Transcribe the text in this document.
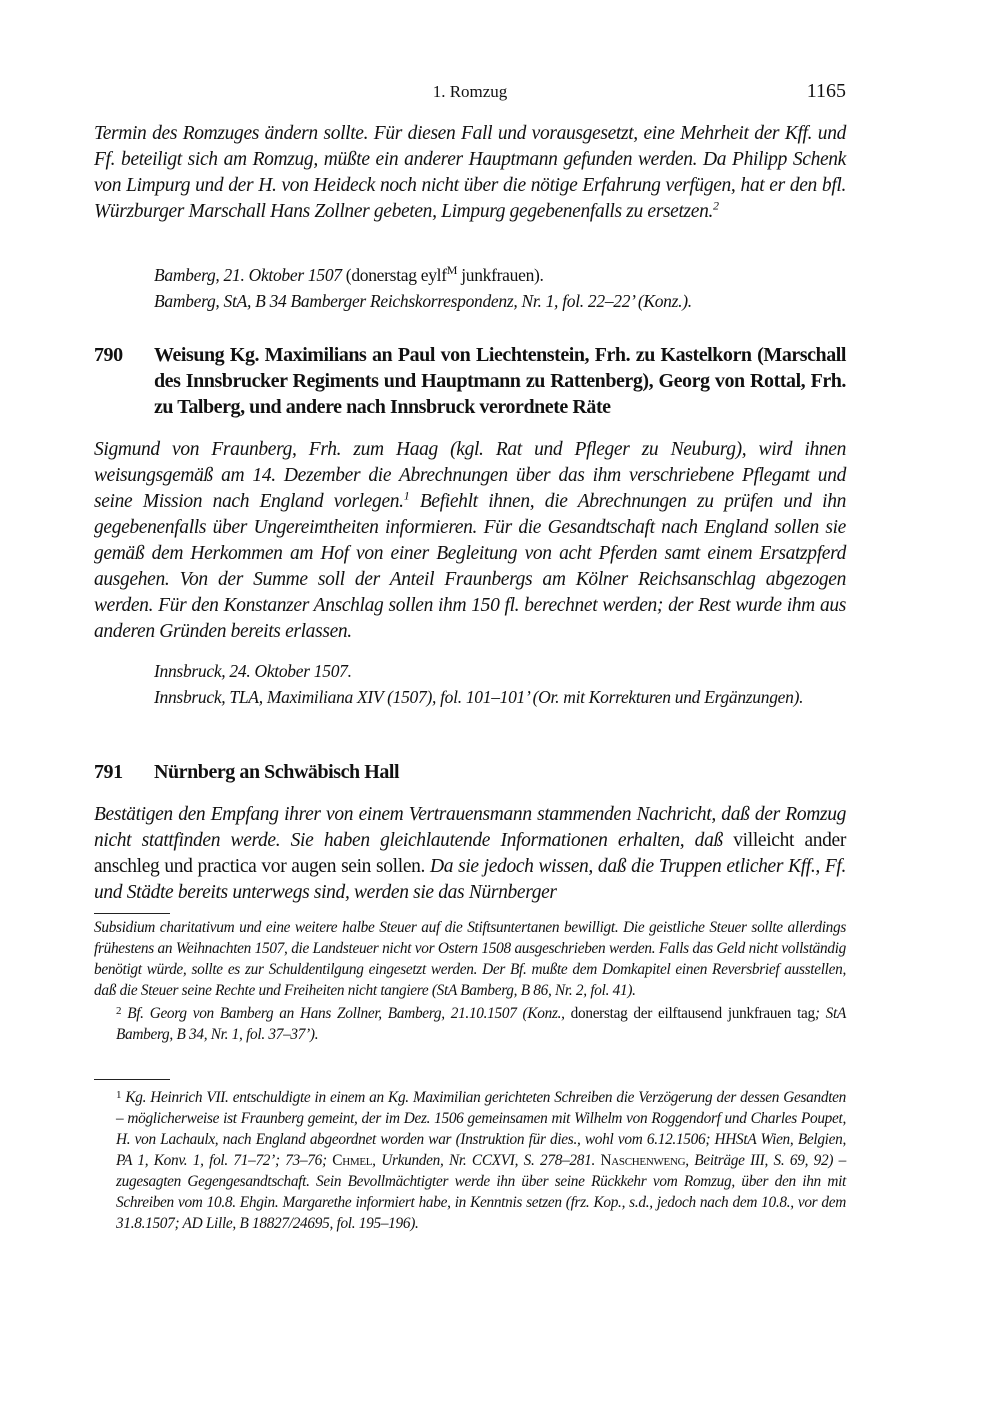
1. Romzug	1165

Termin des Romzuges ändern sollte. Für diesen Fall und vorausgesetzt, eine Mehrheit der Kff. und Ff. beteiligt sich am Romzug, müßte ein anderer Hauptmann gefunden werden. Da Philipp Schenk von Limpurg und der H. von Heideck noch nicht über die nötige Erfahrung verfügen, hat er den bfl. Würzburger Marschall Hans Zollner gebeten, Limpurg gegebenenfalls zu ersetzen.$^2$

Bamberg, 21. Oktober 1507 (donerstag eylf$^M$ junkfrauen).

Bamberg, StA, B 34 Bamberger Reichskorrespondenz, Nr. 1, fol. 22–22’ (Konz.).

790 Weisung Kg. Maximilians an Paul von Liechtenstein, Frh. zu Kastelkorn (Marschall des Innsbrucker Regiments und Hauptmann zu Rattenberg), Georg von Rottal, Frh. zu Talberg, und andere nach Innsbruck verordnete Räte

Sigmund von Fraunberg, Frh. zum Haag (kgl. Rat und Pfleger zu Neuburg), wird ihnen weisungsgemäß am 14. Dezember die Abrechnungen über das ihm verschriebene Pflegamt und seine Mission nach England vorlegen.$^1$ Befiehlt ihnen, die Abrechnungen zu prüfen und ihn gegebenenfalls über Ungereimtheiten informieren. Für die Gesandtschaft nach England sollen sie gemäß dem Herkommen am Hof von einer Begleitung von acht Pferden samt einem Ersatzpferd ausgehen. Von der Summe soll der Anteil Fraunbergs am Kölner Reichsanschlag abgezogen werden. Für den Konstanzer Anschlag sollen ihm 150 fl. berechnet werden; der Rest wurde ihm aus anderen Gründen bereits erlassen.

Innsbruck, 24. Oktober 1507.

Innsbruck, TLA, Maximiliana XIV (1507), fol. 101–101’ (Or. mit Korrekturen und Ergänzungen).

791 Nürnberg an Schwäbisch Hall

Bestätigen den Empfang ihrer von einem Vertrauensmann stammenden Nachricht, daß der Romzug nicht stattfinden werde. Sie haben gleichlautende Informationen erhalten, daß villeicht ander anschleg und practica vor augen sein sollen. Da sie jedoch wissen, daß die Truppen etlicher Kff., Ff. und Städte bereits unterwegs sind, werden sie das Nürnberger

Subsidium charitativum und eine weitere halbe Steuer auf die Stiftsuntertanen bewilligt. Die geistliche Steuer sollte allerdings frühestens an Weihnachten 1507, die Landsteuer nicht vor Ostern 1508 ausgeschrieben werden. Falls das Geld nicht vollständig benötigt würde, sollte es zur Schuldentilgung eingesetzt werden. Der Bf. mußte dem Domkapitel einen Reversbrief ausstellen, daß die Steuer seine Rechte und Freiheiten nicht tangiere (StA Bamberg, B 86, Nr. 2, fol. 41).

$^2$ Bf. Georg von Bamberg an Hans Zollner, Bamberg, 21.10.1507 (Konz., donerstag der eilftausend junkfrauen tag; StA Bamberg, B 34, Nr. 1, fol. 37–37’).

$^1$ Kg. Heinrich VII. entschuldigte in einem an Kg. Maximilian gerichteten Schreiben die Verzögerung der dessen Gesandten – möglicherweise ist Fraunberg gemeint, der im Dez. 1506 gemeinsamen mit Wilhelm von Roggendorf und Charles Poupet, H. von Lachaulx, nach England abgeordnet worden war (Instruktion für dies., wohl vom 6.12.1506; HHStA Wien, Belgien, PA 1, Konv. 1, fol. 71–72’; 73–76; Chmel, Urkunden, Nr. CCXVI, S. 278–281. Naschenweng, Beiträge III, S. 69, 92) – zugesagten Gegengesandtschaft. Sein Bevollmächtigter werde ihn über seine Rückkehr vom Romzug, über den ihn mit Schreiben vom 10.8. Ehgin. Margarethe informiert habe, in Kenntnis setzen (frz. Kop., s.d., jedoch nach dem 10.8., vor dem 31.8.1507; AD Lille, B 18827/24695, fol. 195–196).
